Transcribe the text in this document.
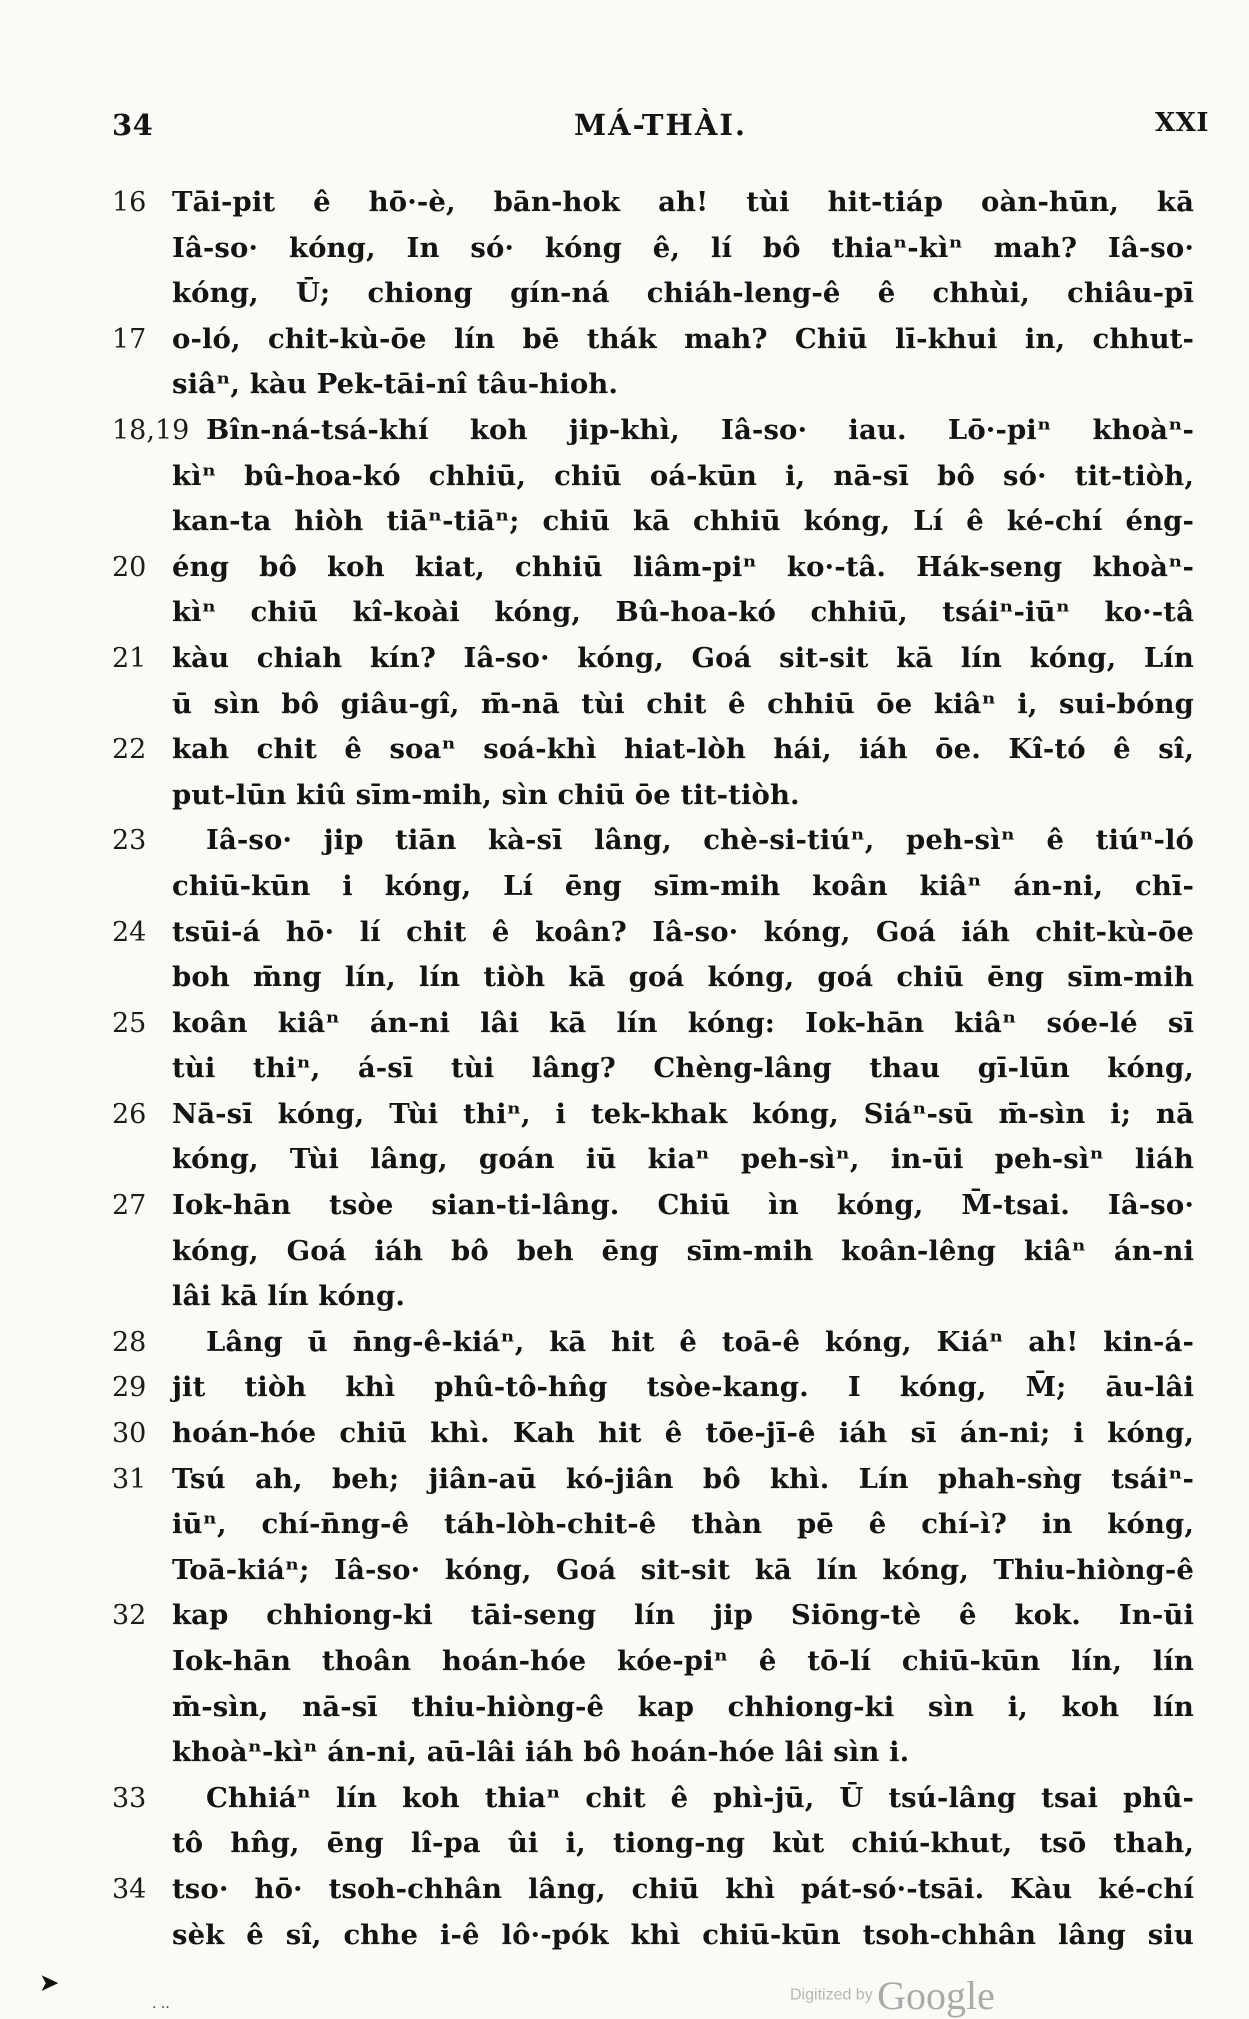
34	MÁ-THÀI.	XXI
16 Tāi-pit ê hō·-è, bān-hok ah! tùi hit-tiáp oàn-hūn, kā
Iâ-so· kóng, In só· kóng ê, lí bô thiaⁿ-kìⁿ mah? Iâ-so·
kóng, Ū; chiong gín-ná chiáh-leng-ê ê chhùi, chiâu-pī
17 o-ló, chit-kù-ōe lín bē thák mah? Chiū lī-khui in, chhut-
siâⁿ, kàu Pek-tāi-nî tâu-hioh.
18,19 Bîn-ná-tsá-khí koh jip-khì, Iâ-so· iau. Lō·-piⁿ khoàⁿ-
kìⁿ bû-hoa-kó chhiū, chiū oá-kūn i, nā-sī bô só· tit-tiòh,
kan-ta hiòh tiāⁿ-tiāⁿ; chiū kā chhiū kóng, Lí ê ké-chí éng-
20 éng bô koh kiat, chhiū liâm-piⁿ ko·-tâ. Hák-seng khoàⁿ-
kìⁿ chiū kî-koài kóng, Bû-hoa-kó chhiū, tsáiⁿ-iūⁿ ko·-tâ
21 kàu chiah kín? Iâ-so· kóng, Goá sit-sit kā lín kóng, Lín
ū sìn bô giâu-gî, m̄-nā tùi chit ê chhiū ōe kiâⁿ i, sui-bóng
22 kah chit ê soaⁿ soá-khì hiat-lòh hái, iáh ōe. Kî-tó ê sî,
put-lūn kiû sīm-mih, sìn chiū ōe tit-tiòh.
23	Iâ-so· jip tiān kà-sī lâng, chè-si-tiúⁿ, peh-sìⁿ ê tiúⁿ-ló
chiū-kūn i kóng, Lí ēng sīm-mih koân kiâⁿ án-ni, chī-
24 tsūi-á hō· lí chit ê koân? Iâ-so· kóng, Goá iáh chit-kù-ōe
boh m̄ng lín, lín tiòh kā goá kóng, goá chiū ēng sīm-mih
25 koân kiâⁿ án-ni lâi kā lín kóng: Iok-hān kiâⁿ sóe-lé sī
tùi thiⁿ, á-sī tùi lâng? Chèng-lâng thau gī-lūn kóng,
26 Nā-sī kóng, Tùi thiⁿ, i tek-khak kóng, Siáⁿ-sū m̄-sìn i; nā
kóng, Tùi lâng, goán iū kiaⁿ peh-sìⁿ, in-ūi peh-sìⁿ liáh
27 Iok-hān tsòe sian-ti-lâng. Chiū ìn kóng, M̄-tsai. Iâ-so·
kóng, Goá iáh bô beh ēng sīm-mih koân-lêng kiâⁿ án-ni
lâi kā lín kóng.
28	Lâng ū n̄ng-ê-kiáⁿ, kā hit ê toā-ê kóng, Kiáⁿ ah! kin-á-
29 jit tiòh khì phû-tô-hn̂g tsòe-kang. I kóng, M̄; āu-lâi
30 hoán-hóe chiū khì. Kah hit ê tōe-jī-ê iáh sī án-ni; i kóng,
31 Tsú ah, beh; jiân-aū kó-jiân bô khì. Lín phah-sǹg tsáiⁿ-
iūⁿ, chí-n̄ng-ê táh-lòh-chit-ê thàn pē ê chí-ì? in kóng,
Toā-kiáⁿ; Iâ-so· kóng, Goá sit-sit kā lín kóng, Thiu-hiòng-ê
32 kap chhiong-ki tāi-seng lín jip Siōng-tè ê kok. In-ūi
Iok-hān thoân hoán-hóe kóe-piⁿ ê tō-lí chiū-kūn lín, lín
m̄-sìn, nā-sī thiu-hiòng-ê kap chhiong-ki sìn i, koh lín
khoàⁿ-kìⁿ án-ni, aū-lâi iáh bô hoán-hóe lâi sìn i.
33	Chhiáⁿ lín koh thiaⁿ chit ê phì-jū, Ū tsú-lâng tsai phû-
tô hn̂g, ēng lî-pa ûi i, tiong-ng kùt chiú-khut, tsō thah,
34 tso· hō· tsoh-chhân lâng, chiū khì pát-só·-tsāi. Kàu ké-chí
sèk ê sî, chhe i-ê lô·-pók khì chiū-kūn tsoh-chhân lâng siu
➤
· ··
Digitized by Google
